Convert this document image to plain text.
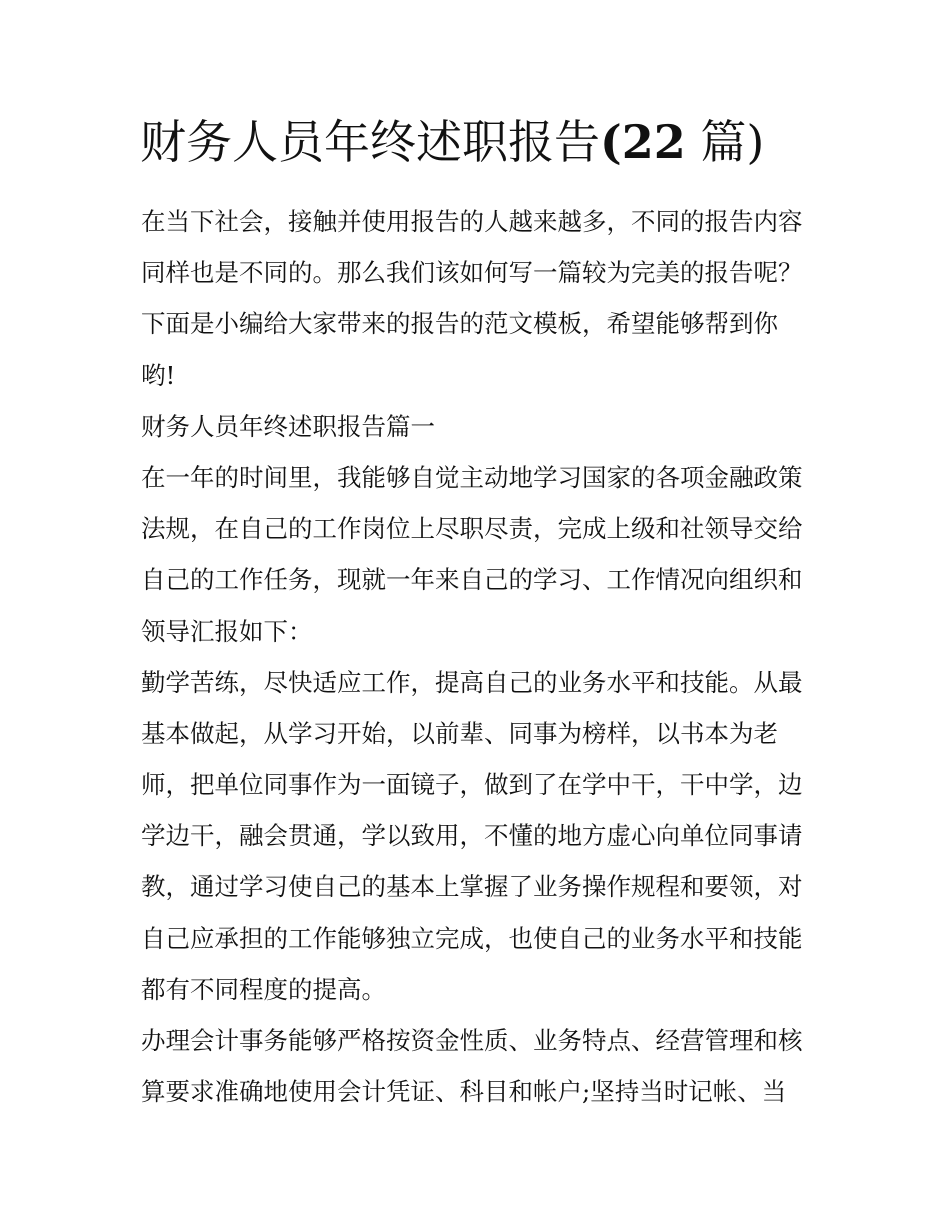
财务人员年终述职报告(22 篇)
在当下社会，接触并使用报告的人越来越多，不同的报告内容
同样也是不同的。那么我们该如何写一篇较为完美的报告呢？
下面是小编给大家带来的报告的范文模板，希望能够帮到你
哟!
财务人员年终述职报告篇一
在一年的时间里，我能够自觉主动地学习国家的各项金融政策
法规，在自己的工作岗位上尽职尽责，完成上级和社领导交给
自己的工作任务，现就一年来自己的学习、工作情况向组织和
领导汇报如下：
勤学苦练，尽快适应工作，提高自己的业务水平和技能。从最
基本做起，从学习开始，以前辈、同事为榜样，以书本为老
师，把单位同事作为一面镜子，做到了在学中干，干中学，边
学边干，融会贯通，学以致用，不懂的地方虚心向单位同事请
教，通过学习使自己的基本上掌握了业务操作规程和要领，对
自己应承担的工作能够独立完成，也使自己的业务水平和技能
都有不同程度的提高。
办理会计事务能够严格按资金性质、业务特点、经营管理和核
算要求准确地使用会计凭证、科目和帐户;坚持当时记帐、当
